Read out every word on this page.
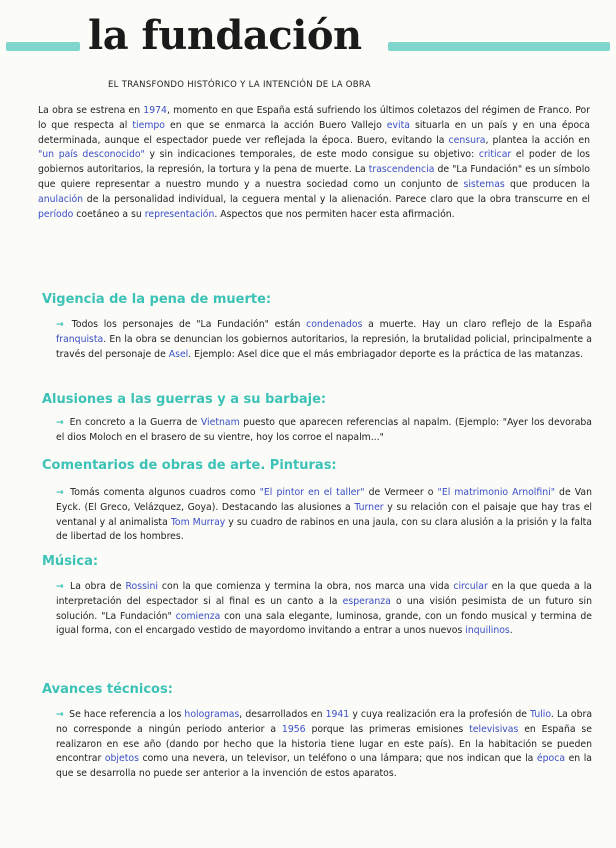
la fundación
EL TRANSFONDO HISTÓRICO Y LA INTENCIÓN DE LA OBRA

La obra se estrena en 1974, momento en que España está sufriendo los últimos coletazos del régimen de Franco. Por lo que respecta al tiempo en que se enmarca la acción Buero Vallejo evita situarla en un país y en una época determinada, aunque el espectador puede ver reflejada la época. Buero, evitando la censura, plantea la acción en "un país desconocido" y sin indicaciones temporales, de este modo consigue su objetivo: criticar el poder de los gobiernos autoritarios, la represión, la tortura y la pena de muerte. La trascendencia de "La Fundación" es un símbolo que quiere representar a nuestro mundo y a nuestra sociedad como un conjunto de sistemas que producen la anulación de la personalidad individual, la ceguera mental y la alienación. Parece claro que la obra transcurre en el período coetáneo a su representación. Aspectos que nos permiten hacer esta afirmación.

Vigencia de la pena de muerte:

→ Todos los personajes de "La Fundación" están condenados a muerte. Hay un claro reflejo de la España franquista. En la obra se denuncian los gobiernos autoritarios, la represión, la brutalidad policial, principalmente a través del personaje de Asel. Ejemplo: Asel dice que el más embriagador deporte es la práctica de las matanzas.

Alusiones a las guerras y a su barbaje:

→ En concreto a la Guerra de Vietnam puesto que aparecen referencias al napalm. (Ejemplo: "Ayer los devoraba el dios Moloch en el brasero de su vientre, hoy los corroe el napalm..."

Comentarios de obras de arte. Pinturas:

→ Tomás comenta algunos cuadros como "El pintor en el taller" de Vermeer o "El matrimonio Arnolfini" de Van Eyck. (El Greco, Velázquez, Goya). Destacando las alusiones a Turner y su relación con el paisaje que hay tras el ventanal y al animalista Tom Murray y su cuadro de rabinos en una jaula, con su clara alusión a la prisión y la falta de libertad de los hombres.

Música:

→ La obra de Rossini con la que comienza y termina la obra, nos marca una vida circular en la que queda a la interpretación del espectador si al final es un canto a la esperanza o una visión pesimista de un futuro sin solución. "La Fundación" comienza con una sala elegante, luminosa, grande, con un fondo musical y termina de igual forma, con el encargado vestido de mayordomo invitando a entrar a unos nuevos inquilinos.

Avances técnicos:

→ Se hace referencia a los hologramas, desarrollados en 1941 y cuya realización era la profesión de Tulio. La obra no corresponde a ningún periodo anterior a 1956 porque las primeras emisiones televisivas en España se realizaron en ese año (dando por hecho que la historia tiene lugar en este país). En la habitación se pueden encontrar objetos como una nevera, un televisor, un teléfono o una lámpara; que nos indican que la época en la que se desarrolla no puede ser anterior a la invención de estos aparatos.
